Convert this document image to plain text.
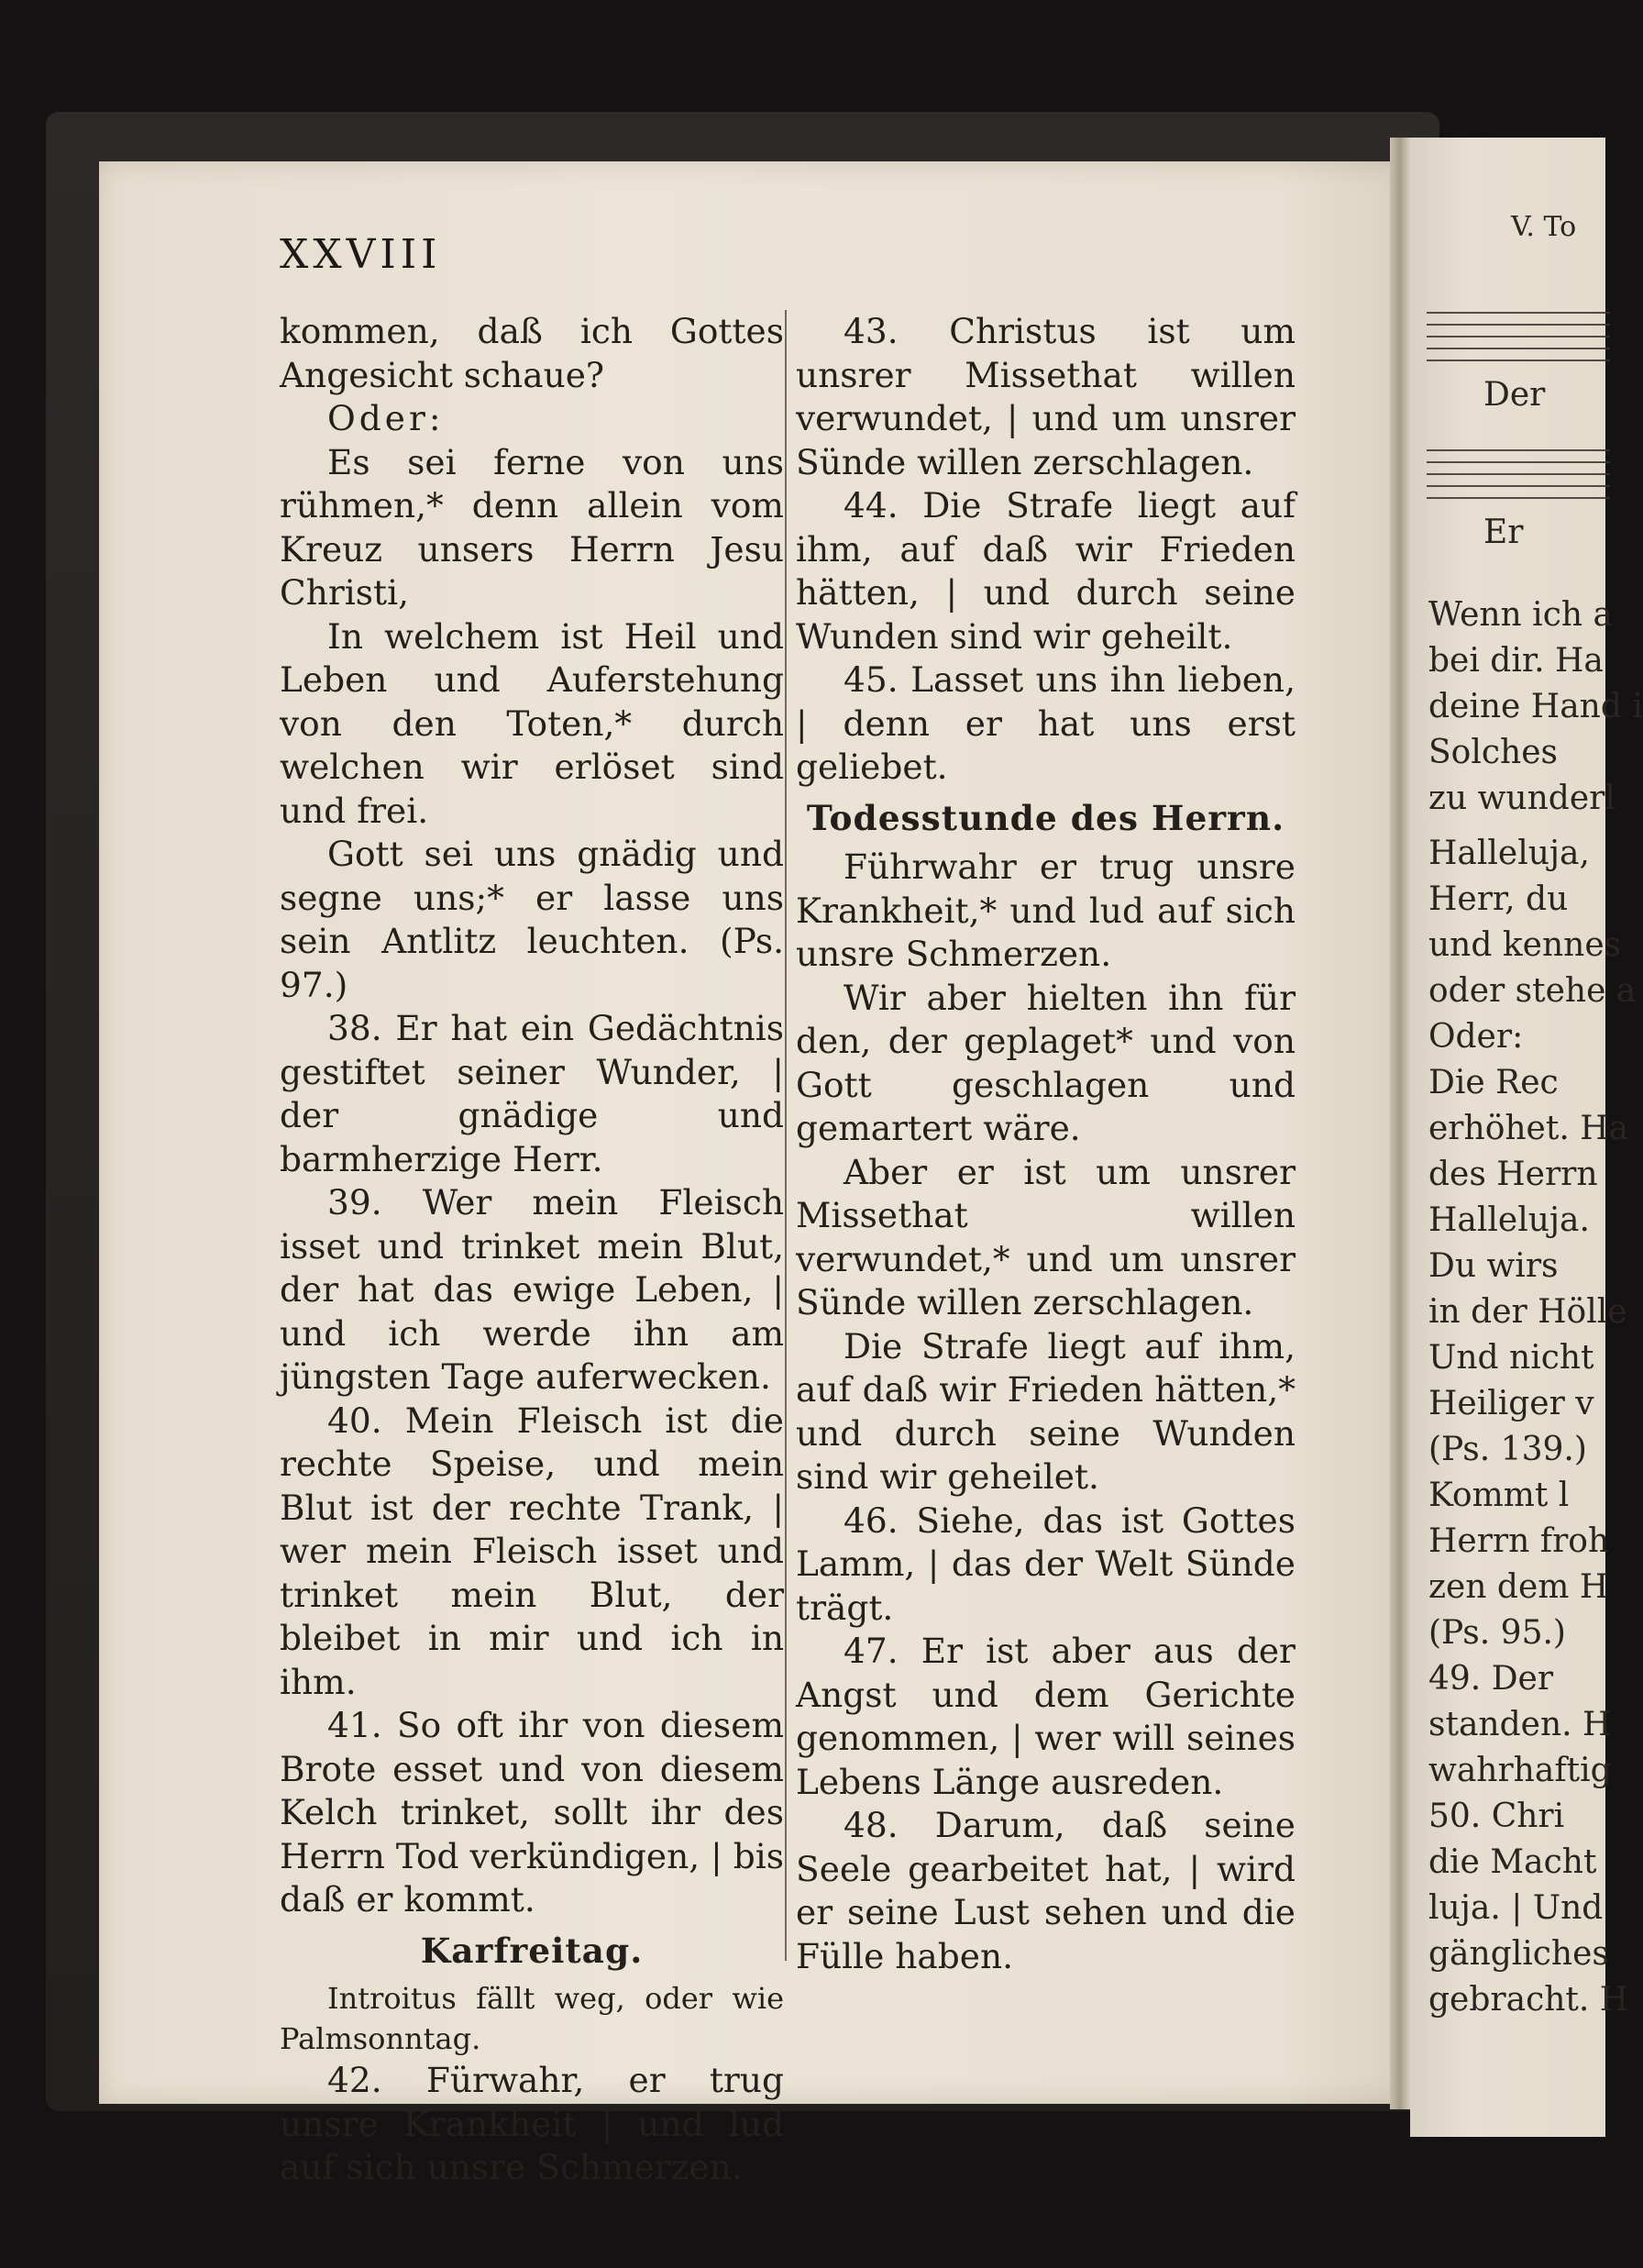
V. To
Der
Er
Wenn ich a
bei dir. Ha
deine Hand i
Solches
zu wunderl
Halleluja,
Herr, du
und kennes
oder stehe a
Oder:
Die Rec
erhöhet. Ha
des Herrn
Halleluja.
Du wirs
in der Hölle
Und nicht
Heiliger v
(Ps. 139.)
Kommt l
Herrn froh
zen dem H
(Ps. 95.)
49. Der
standen. H
wahrhaftig
50. Chri
die Macht
luja. | Und
gängliches
gebracht. H
XXVIII

kommen, daß ich Gottes Angesicht schaue?

Oder:

Es sei ferne von uns rühmen,* denn allein vom Kreuz unsers Herrn Jesu Christi,

In welchem ist Heil und Leben und Auferstehung von den Toten,* durch welchen wir erlöset sind und frei.

Gott sei uns gnädig und segne uns;* er lasse uns sein Antlitz leuchten. (Ps. 97.)

38. Er hat ein Gedächtnis gestiftet seiner Wunder, | der gnädige und barmherzige Herr.

39. Wer mein Fleisch isset und trinket mein Blut, der hat das ewige Leben, | und ich werde ihn am jüngsten Tage auferwecken.

40. Mein Fleisch ist die rechte Speise, und mein Blut ist der rechte Trank, | wer mein Fleisch isset und trinket mein Blut, der bleibet in mir und ich in ihm.

41. So oft ihr von diesem Brote esset und von diesem Kelch trinket, sollt ihr des Herrn Tod verkündigen, | bis daß er kommt.

Karfreitag.

Introitus fällt weg, oder wie Palmsonntag.

42. Fürwahr, er trug unsre Krankheit | und lud auf sich unsre Schmerzen.

43. Christus ist um unsrer Missethat willen verwundet, | und um unsrer Sünde willen zerschlagen.

44. Die Strafe liegt auf ihm, auf daß wir Frieden hätten, | und durch seine Wunden sind wir geheilt.

45. Lasset uns ihn lieben, | denn er hat uns erst geliebet.

Todesstunde des Herrn.

Führwahr er trug unsre Krankheit,* und lud auf sich unsre Schmerzen.

Wir aber hielten ihn für den, der geplaget* und von Gott geschlagen und gemartert wäre.

Aber er ist um unsrer Missethat willen verwundet,* und um unsrer Sünde willen zerschlagen.

Die Strafe liegt auf ihm, auf daß wir Frieden hätten,* und durch seine Wunden sind wir geheilet.

46. Siehe, das ist Gottes Lamm, | das der Welt Sünde trägt.

47. Er ist aber aus der Angst und dem Gerichte genommen, | wer will seines Lebens Länge ausreden.

48. Darum, daß seine Seele gearbeitet hat, | wird er seine Lust sehen und die Fülle haben.
